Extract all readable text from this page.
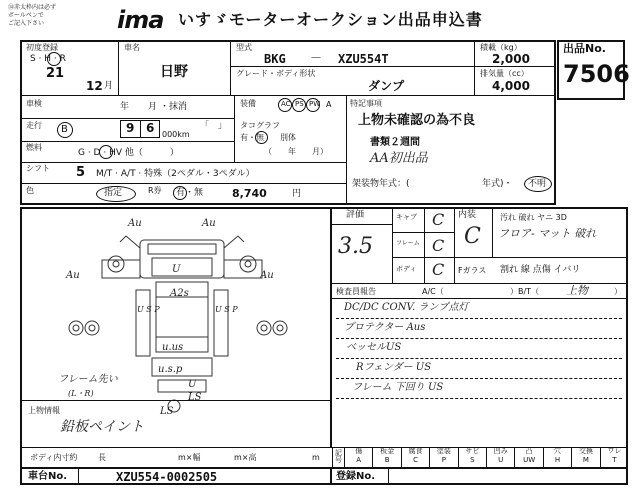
⑭赤太枠内は必ず
ボールペンで
ご記入下さい	ima いすゞモーターオークション出品申込書
出品No.
7506
初度登録
S · H · R
21
12 月
車名
日野
型式
BKG － XZU554T
グレード・ボディ形状
ダンプ
積載（kg）
2,000
排気量（cc）
4,000
車検	年 月 ・抹消
走行 B	9 6 000km
「　」
燃料
G · D · HV 他（　　　）
シフト 5 M/T · A/T · 特殊（2ペダル・3ペダル）
色	指定	R券 有・無	8,740	円
装備	AC PS PW A
タコグラフ
有・無　　別体
（　　年　　月）
特記事項
上物未確認の為不良
書類２週間
AA初出品
架装物年式：(	年式)・ 不明
評価
3.5
キャブ C
フレーム C
ボディ C
内装
C
汚れ 破れ ヤニ 3D
フロア- マット 破れ
Fガラス 割れ 線 点傷 イバリ
検査員報告	A/C（	）B/T（ 上物	）
DC/DC CONV. ランプ点灯
プロテクター Aus
ベッセルUS
Rフェンダー US
フレーム 下回り US
Au	Au
Au	Au
U
A2s
U S P	U S P
u.us
u.s.p
U
LS
LS
フレーム先い
(L・R)
上物情報
鉛板ペイント
ボディ内寸約	長	m×幅	m×高	m 記号
傷
A
板金
B
腐食
C
塗装
P
サビ
S
凹み
U
凸
UW
穴
H
交換
M
ワレ
T
車台No.	XZU554-0002505	登録No.
